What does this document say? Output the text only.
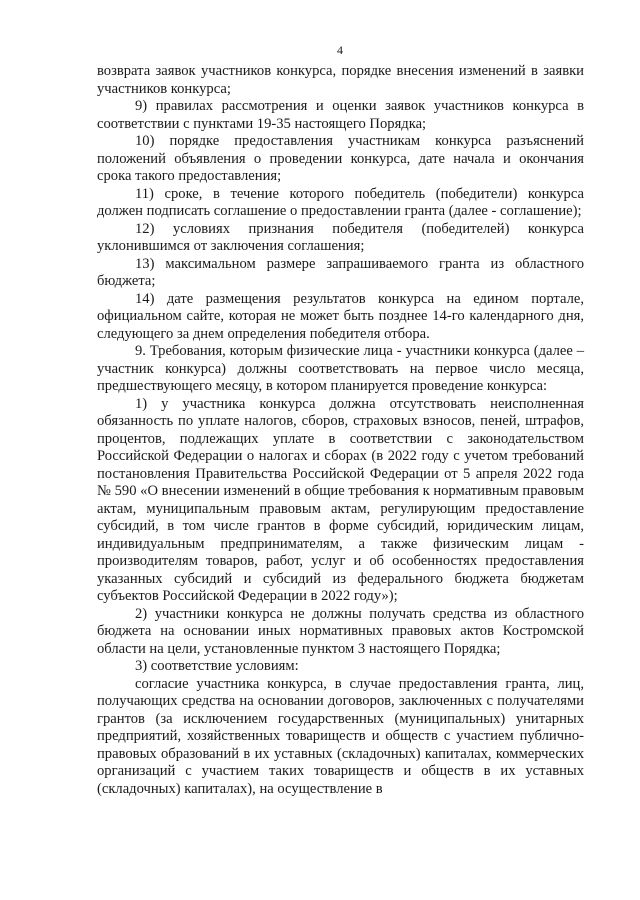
4

возврата заявок участников конкурса, порядке внесения изменений в заявки участников конкурса;

9) правилах рассмотрения и оценки заявок участников конкурса в соответствии с пунктами 19-35 настоящего Порядка;

10) порядке предоставления участникам конкурса разъяснений положений объявления о проведении конкурса, дате начала и окончания срока такого предоставления;

11) сроке, в течение которого победитель (победители) конкурса должен подписать соглашение о предоставлении гранта (далее - соглашение);

12) условиях признания победителя (победителей) конкурса уклонившимся от заключения соглашения;

13) максимальном размере запрашиваемого гранта из областного бюджета;

14) дате размещения результатов конкурса на едином портале, официальном сайте, которая не может быть позднее 14-го календарного дня, следующего за днем определения победителя отбора.

9. Требования, которым физические лица - участники конкурса (далее – участник конкурса) должны соответствовать на первое число месяца, предшествующего месяцу, в котором планируется проведение конкурса:

1) у участника конкурса должна отсутствовать неисполненная обязанность по уплате налогов, сборов, страховых взносов, пеней, штрафов, процентов, подлежащих уплате в соответствии с законодательством Российской Федерации о налогах и сборах (в 2022 году с учетом требований постановления Правительства Российской Федерации от 5 апреля 2022 года № 590 «О внесении изменений в общие требования к нормативным правовым актам, муниципальным правовым актам, регулирующим предоставление субсидий, в том числе грантов в форме субсидий, юридическим лицам, индивидуальным предпринимателям, а также физическим лицам - производителям товаров, работ, услуг и об особенностях предоставления указанных субсидий и субсидий из федерального бюджета бюджетам субъектов Российской Федерации в 2022 году»);

2) участники конкурса не должны получать средства из областного бюджета на основании иных нормативных правовых актов Костромской области на цели, установленные пунктом 3 настоящего Порядка;

3) соответствие условиям:

согласие участника конкурса, в случае предоставления гранта, лиц, получающих средства на основании договоров, заключенных с получателями грантов (за исключением государственных (муниципальных) унитарных предприятий, хозяйственных товариществ и обществ с участием публично-правовых образований в их уставных (складочных) капиталах, коммерческих организаций с участием таких товариществ и обществ в их уставных (складочных) капиталах), на осуществление в
